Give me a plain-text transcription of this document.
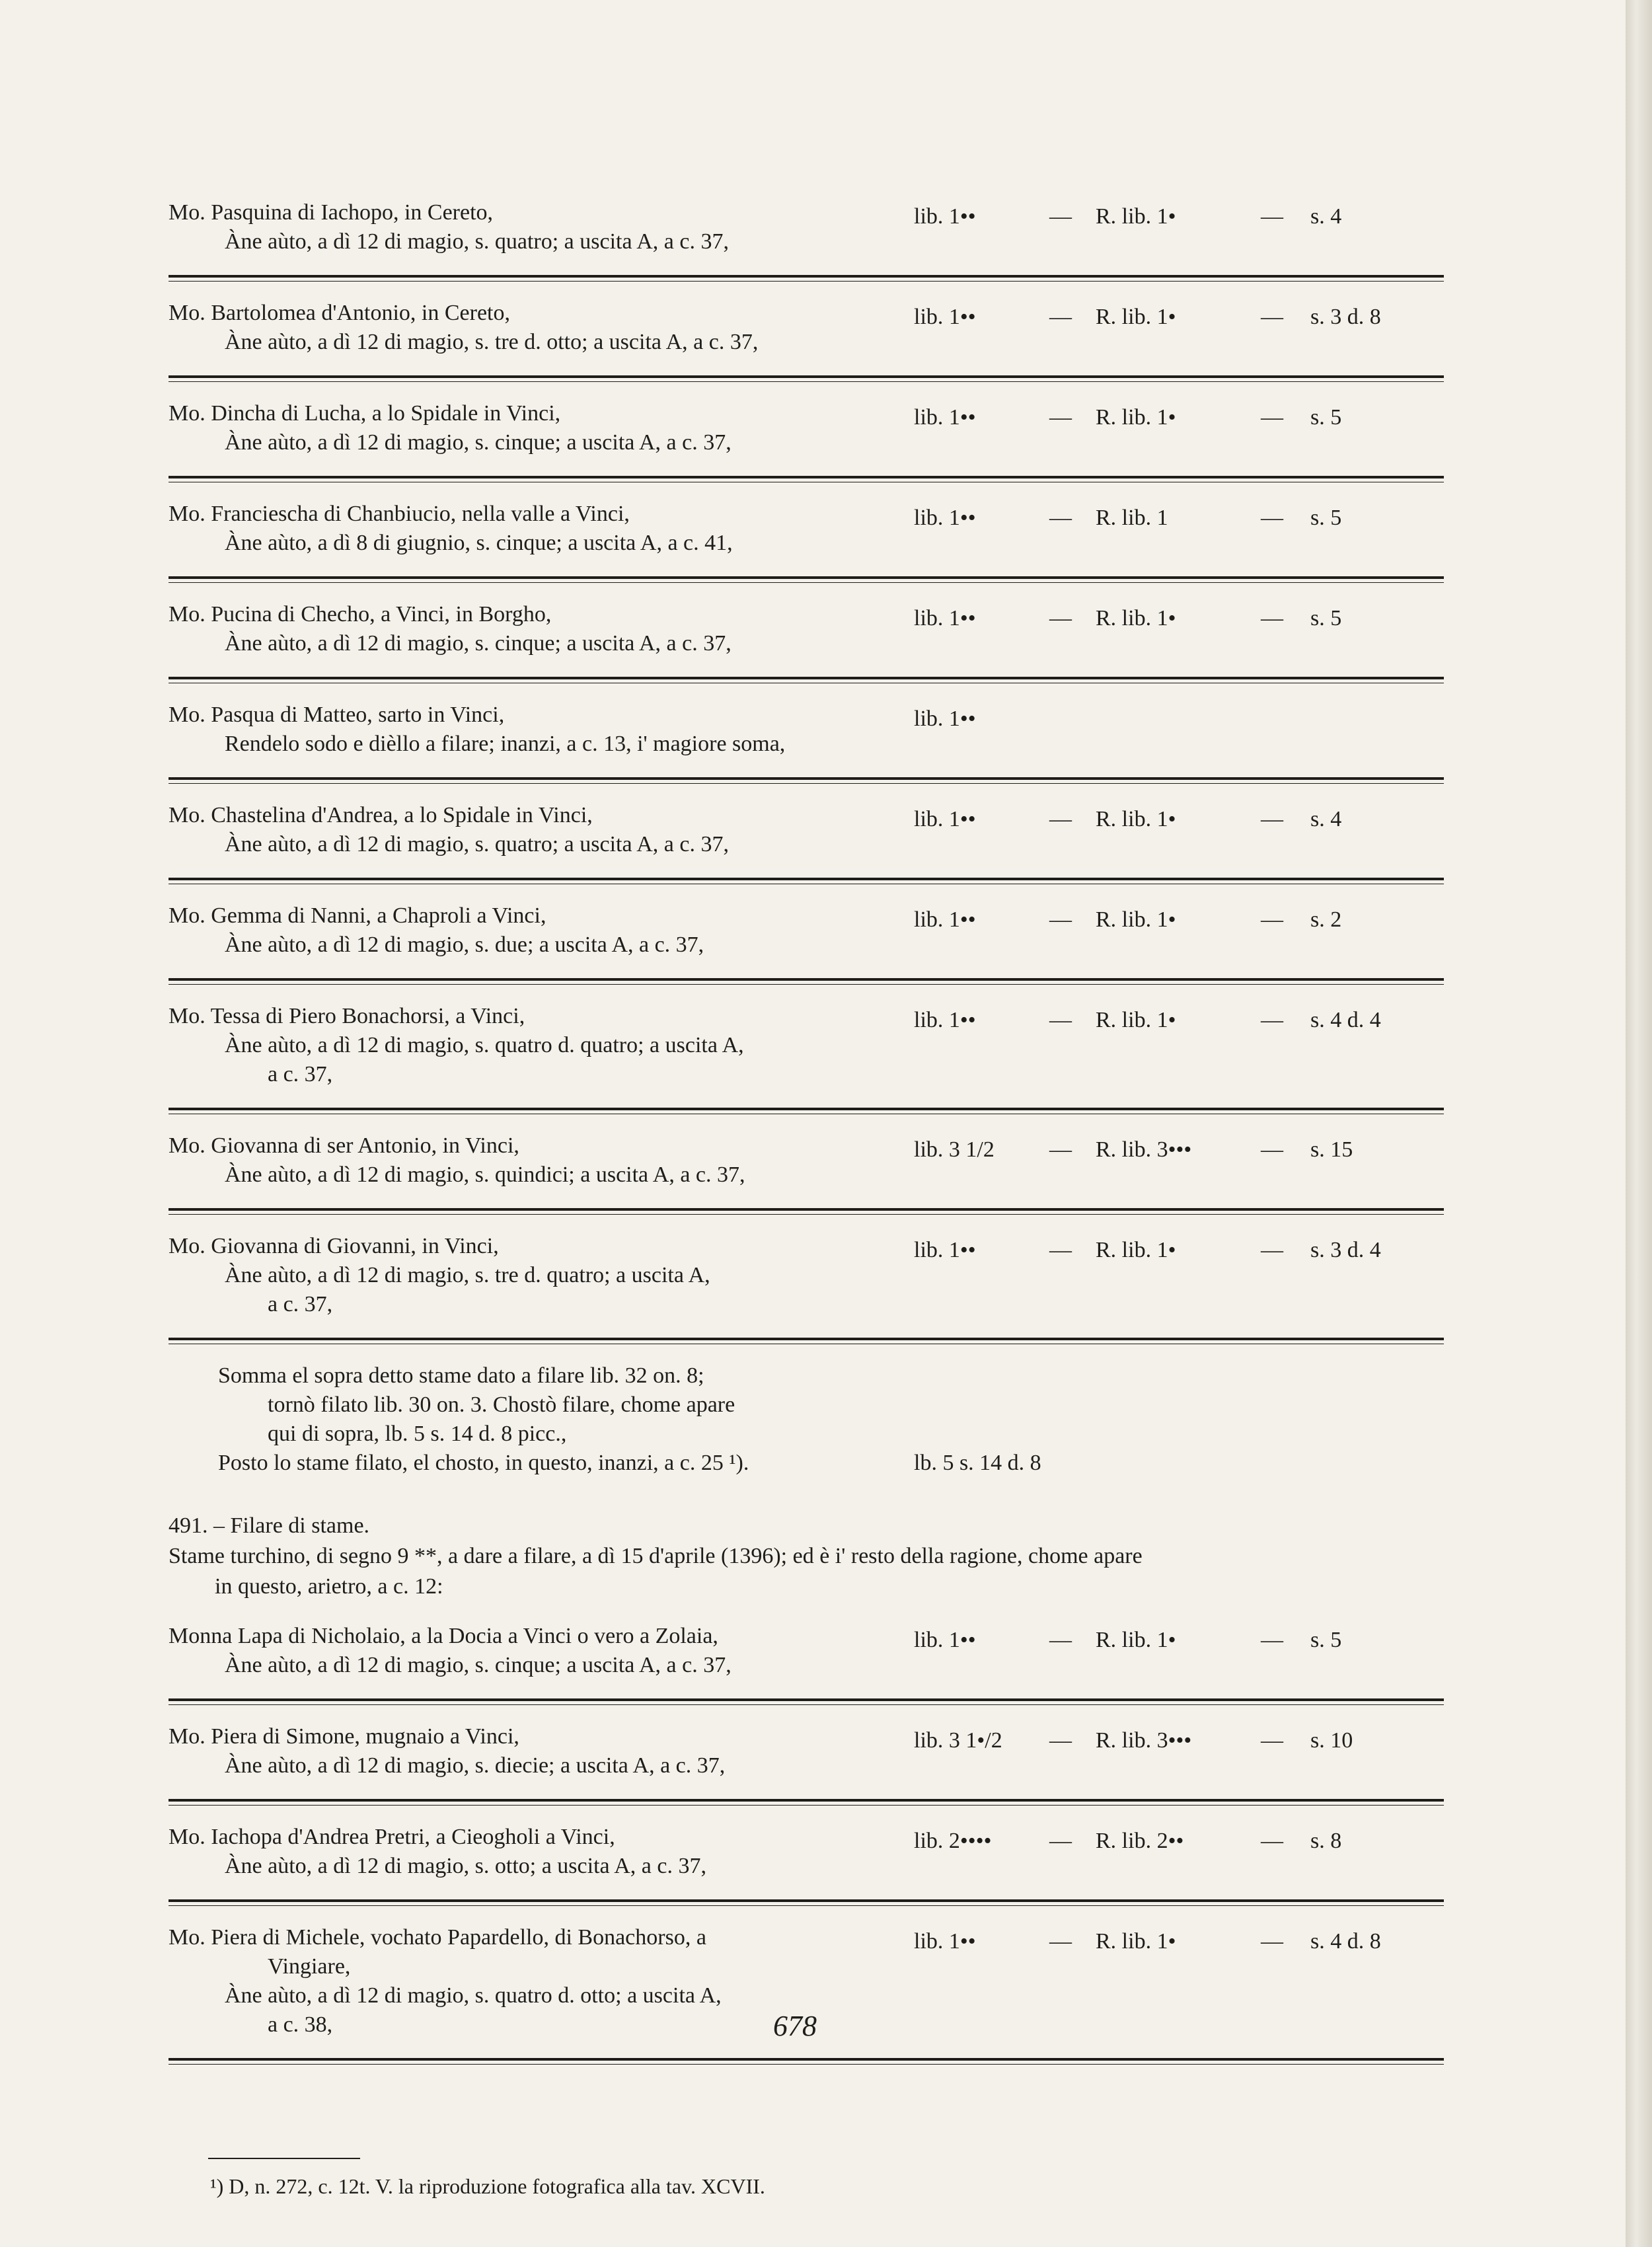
Mo. Pasquina di Iachopo, in Cereto,
Àne aùto, a dì 12 di magio, s. quatro; a uscita A, a c. 37,
lib. 1••	— R. lib. 1•	— s. 4
Mo. Bartolomea d'Antonio, in Cereto,
Àne aùto, a dì 12 di magio, s. tre d. otto; a uscita A, a c. 37,
lib. 1••	— R. lib. 1•	— s. 3 d. 8
Mo. Dincha di Lucha, a lo Spidale in Vinci,
Àne aùto, a dì 12 di magio, s. cinque; a uscita A, a c. 37,
lib. 1••	— R. lib. 1•	— s. 5
Mo. Franciescha di Chanbiucio, nella valle a Vinci,
Àne aùto, a dì 8 di giugnio, s. cinque; a uscita A, a c. 41,
lib. 1••	— R. lib. 1	— s. 5
Mo. Pucina di Checho, a Vinci, in Borgho,
Àne aùto, a dì 12 di magio, s. cinque; a uscita A, a c. 37,
lib. 1••	— R. lib. 1•	— s. 5
Mo. Pasqua di Matteo, sarto in Vinci,
Rendelo sodo e dièllo a filare; inanzi, a c. 13, i' magiore soma,
lib. 1••
Mo. Chastelina d'Andrea, a lo Spidale in Vinci,
Àne aùto, a dì 12 di magio, s. quatro; a uscita A, a c. 37,
lib. 1••	— R. lib. 1•	— s. 4
Mo. Gemma di Nanni, a Chaproli a Vinci,
Àne aùto, a dì 12 di magio, s. due; a uscita A, a c. 37,
lib. 1••	— R. lib. 1•	— s. 2
Mo. Tessa di Piero Bonachorsi, a Vinci,
Àne aùto, a dì 12 di magio, s. quatro d. quatro; a uscita A,
a c. 37,
lib. 1••	— R. lib. 1•	— s. 4 d. 4
Mo. Giovanna di ser Antonio, in Vinci,
Àne aùto, a dì 12 di magio, s. quindici; a uscita A, a c. 37,
lib. 3 1/2 — R. lib. 3•••	— s. 15
Mo. Giovanna di Giovanni, in Vinci,
Àne aùto, a dì 12 di magio, s. tre d. quatro; a uscita A,
a c. 37,
lib. 1••	— R. lib. 1•	— s. 3 d. 4
Somma el sopra detto stame dato a filare lib. 32 on. 8;
tornò filato lib. 30 on. 3. Chostò filare, chome apare
qui di sopra, lb. 5 s. 14 d. 8 picc.,
Posto lo stame filato, el chosto, in questo, inanzi, a c. 25 ¹).	lb. 5 s. 14 d. 8
491. – Filare di stame.
Stame turchino, di segno 9 **, a dare a filare, a dì 15 d'aprile (1396); ed è i' resto della ragione, chome apare
in questo, arietro, a c. 12:
Monna Lapa di Nicholaio, a la Docia a Vinci o vero a Zolaia,
Àne aùto, a dì 12 di magio, s. cinque; a uscita A, a c. 37,
lib. 1••	— R. lib. 1•	— s. 5
Mo. Piera di Simone, mugnaio a Vinci,
Àne aùto, a dì 12 di magio, s. diecie; a uscita A, a c. 37,
lib. 3 1•/2 — R. lib. 3•••	— s. 10
Mo. Iachopa d'Andrea Pretri, a Cieogholi a Vinci,
Àne aùto, a dì 12 di magio, s. otto; a uscita A, a c. 37,
lib. 2••••	— R. lib. 2••	— s. 8
Mo. Piera di Michele, vochato Papardello, di Bonachorso, a
Vingiare,
Àne aùto, a dì 12 di magio, s. quatro d. otto; a uscita A,
a c. 38,
lib. 1••	— R. lib. 1•	— s. 4 d. 8
¹) D, n. 272, c. 12t. V. la riproduzione fotografica alla tav. XCVII.
678
